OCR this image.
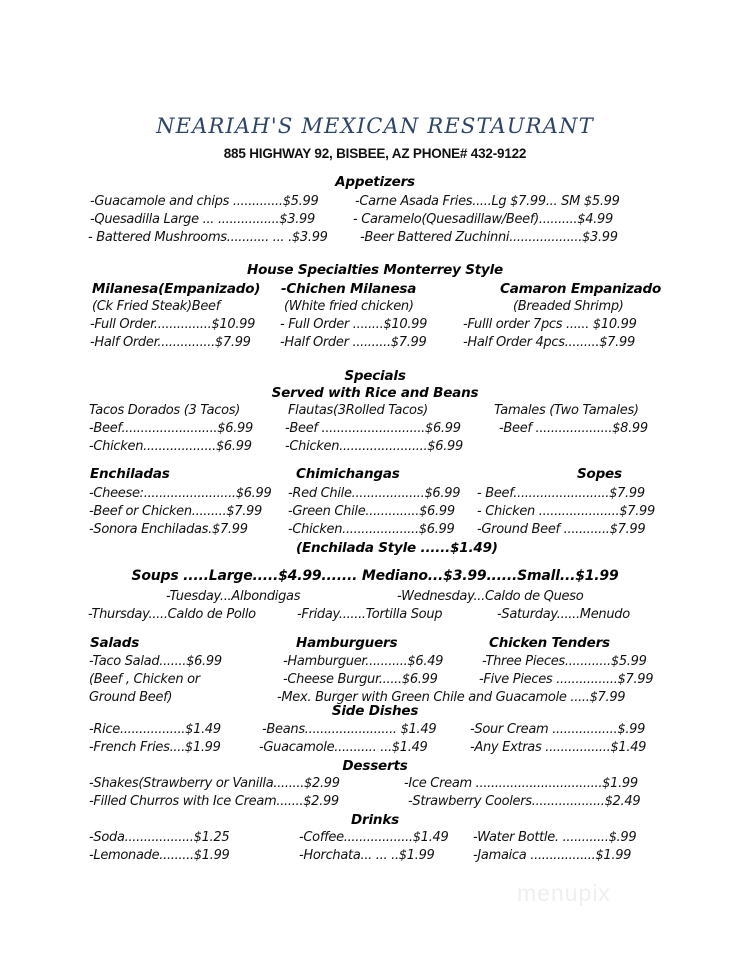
NEARIAH'S MEXICAN RESTAURANT
885 HIGHWAY 92, BISBEE, AZ PHONE# 432-9122
Appetizers
-Guacamole and chips .............$5.99
-Quesadilla Large ... ................$3.99
- Battered Mushrooms........... ... .$3.99
-Carne Asada Fries.....Lg $7.99... SM $5.99
- Caramelo(Quesadillaw/Beef)..........$4.99
-Beer Battered Zuchinni...................$3.99
House Specialties Monterrey Style
Milanesa(Empanizado)
(Ck Fried Steak)Beef
-Full Order...............$10.99
-Half Order...............$7.99
-Chichen Milanesa
(White fried chicken)
- Full Order ........$10.99
-Half Order ..........$7.99
Camaron Empanizado
(Breaded Shrimp)
-Fulll order 7pcs ...... $10.99
-Half Order 4pcs.........$7.99
Specials
Served with Rice and Beans
Tacos Dorados (3 Tacos)
-Beef.........................$6.99
-Chicken...................$6.99
Flautas(3Rolled Tacos)
-Beef ...........................$6.99
-Chicken.......................$6.99
Tamales (Two Tamales)
-Beef ....................$8.99
Enchiladas
-Cheese:........................$6.99
-Beef or Chicken.........$7.99
-Sonora Enchiladas.$7.99
Chimichangas
-Red Chile...................$6.99
-Green Chile..............$6.99
-Chicken....................$6.99
(Enchilada Style ......$1.49)
Sopes
- Beef.........................$7.99
- Chicken .....................$7.99
-Ground Beef ............$7.99
Soups .....Large.....$4.99....... Mediano...$3.99......Small...$1.99
-Tuesday...Albondigas	-Wednesday...Caldo de Queso
-Thursday.....Caldo de Pollo	-Friday.......Tortilla Soup	-Saturday......Menudo
Salads
-Taco Salad.......$6.99
(Beef , Chicken or
Ground Beef)
Hamburguers
-Hamburguer...........$6.49
-Cheese Burgur......$6.99
-Mex. Burger with Green Chile and Guacamole .....$7.99
Chicken Tenders
-Three Pieces............$5.99
-Five Pieces ................$7.99
Side Dishes
-Rice.................$1.49
-French Fries....$1.99
-Beans........................ $1.49
-Guacamole........... ...$1.49
-Sour Cream .................$.99
-Any Extras .................$1.49
Desserts
-Shakes(Strawberry or Vanilla........$2.99
-Filled Churros with Ice Cream.......$2.99
-Ice Cream .................................$1.99
-Strawberry Coolers...................$2.49
Drinks
-Soda..................$1.25
-Lemonade.........$1.99
-Coffee..................$1.49
-Horchata... ... ..$1.99
-Water Bottle. ............$.99
-Jamaica .................$1.99
menupix
